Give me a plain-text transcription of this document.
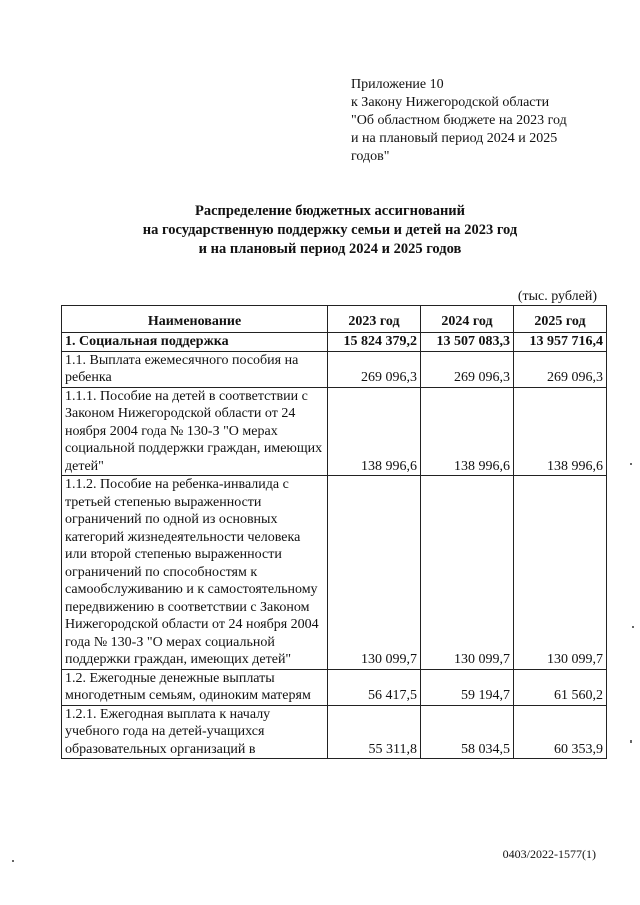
Приложение 10
к Закону Нижегородской области
"Об областном бюджете на 2023 год
и на плановый период 2024 и 2025
годов"
Распределение бюджетных ассигнований
на государственную поддержку семьи и детей на 2023 год
и на плановый период 2024 и 2025 годов
(тыс. рублей)
Наименование	2023 год	2024 год	2025 год
1. Социальная поддержка	15 824 379,2	13 507 083,3	13 957 716,4
1.1. Выплата ежемесячного пособия на ребенка	269 096,3	269 096,3	269 096,3
1.1.1. Пособие на детей в соответствии с Законом Нижегородской области от 24 ноября 2004 года № 130-З "О мерах социальной поддержки граждан, имеющих детей"	138 996,6	138 996,6	138 996,6
1.1.2. Пособие на ребенка-инвалида с третьей степенью выраженности ограничений по одной из основных категорий жизнедеятельности человека или второй степенью выраженности ограничений по способностям к самообслуживанию и к самостоятельному передвижению в соответствии с Законом Нижегородской области от 24 ноября 2004 года № 130-З "О мерах социальной поддержки граждан, имеющих детей"	130 099,7	130 099,7	130 099,7
1.2. Ежегодные денежные выплаты многодетным семьям, одиноким матерям	56 417,5	59 194,7	61 560,2
1.2.1. Ежегодная выплата к началу учебного года на детей-учащихся образовательных организаций в	55 311,8	58 034,5	60 353,9
0403/2022-1577(1)
